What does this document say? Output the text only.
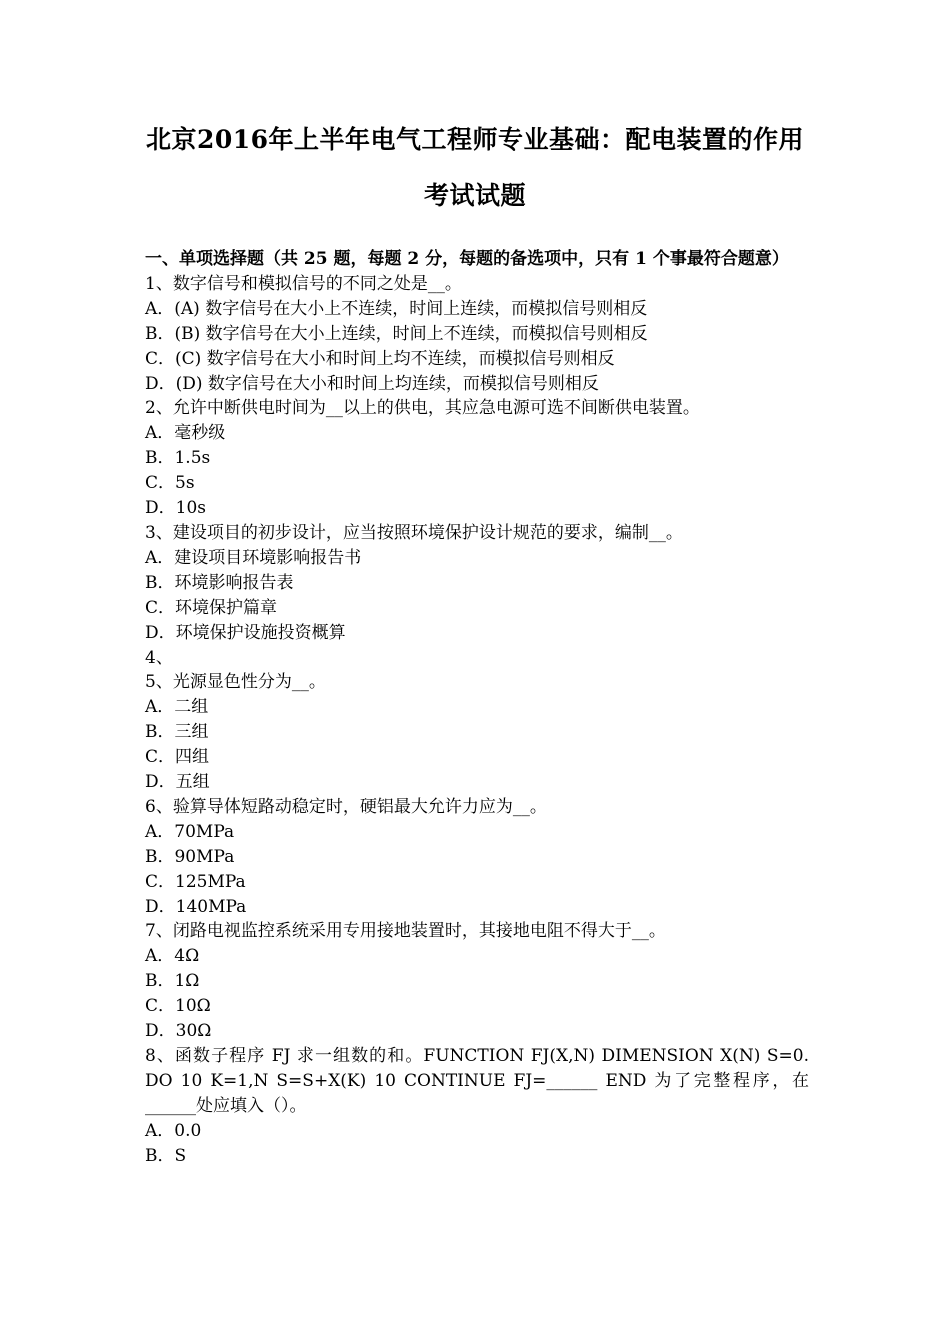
北京2016年上半年电气工程师专业基础：配电装置的作用
考试试题
一、单项选择题（共 25 题，每题 2 分，每题的备选项中，只有 1 个事最符合题意）
1、数字信号和模拟信号的不同之处是__。
A．(A) 数字信号在大小上不连续，时间上连续，而模拟信号则相反
B．(B) 数字信号在大小上连续，时间上不连续，而模拟信号则相反
C．(C) 数字信号在大小和时间上均不连续，而模拟信号则相反
D．(D) 数字信号在大小和时间上均连续，而模拟信号则相反
2、允许中断供电时间为__以上的供电，其应急电源可选不间断供电装置。
A．毫秒级
B．1.5s
C．5s
D．10s
3、建设项目的初步设计，应当按照环境保护设计规范的要求，编制__。
A．建设项目环境影响报告书
B．环境影响报告表
C．环境保护篇章
D．环境保护设施投资概算
4、
5、光源显色性分为__。
A．二组
B．三组
C．四组
D．五组
6、验算导体短路动稳定时，硬铝最大允许力应为__。
A．70MPa
B．90MPa
C．125MPa
D．140MPa
7、闭路电视监控系统采用专用接地装置时，其接地电阻不得大于__。
A．4Ω
B．1Ω
C．10Ω
D．30Ω
8、函数子程序 FJ 求一组数的和。FUNCTION FJ(X,N) DIMENSION X(N) S=0. DO 10 K=1,N S=S+X(K) 10 CONTINUE FJ=______ END 为了完整程序，在______处应填入（）。
A．0.0
B．S
